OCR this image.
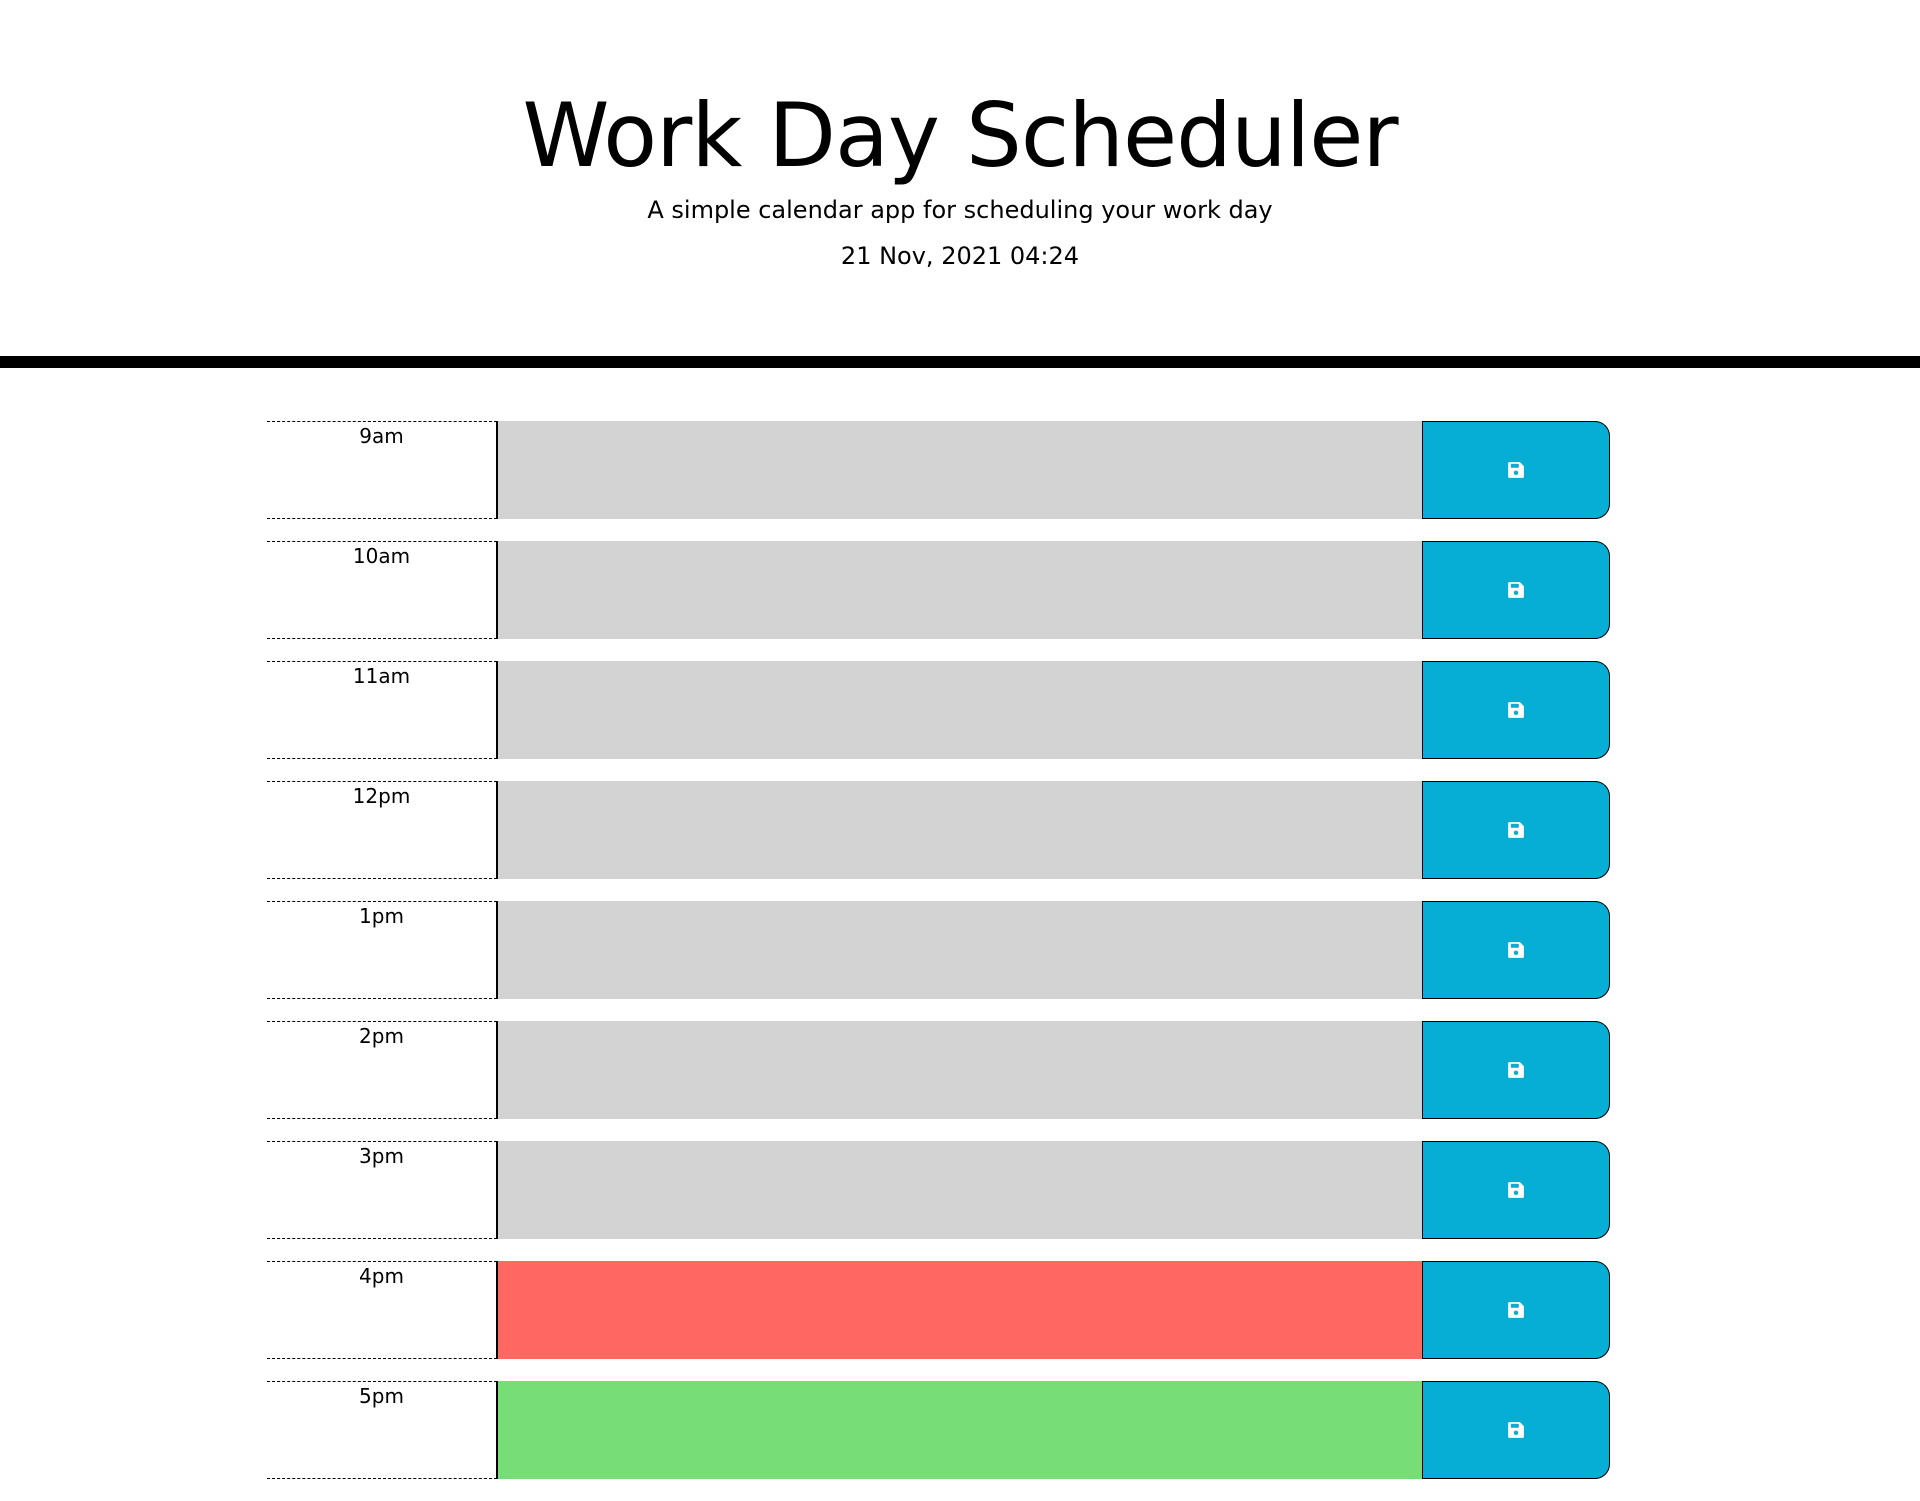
Work Day Scheduler

A simple calendar app for scheduling your work day

21 Nov, 2021 04:24

9am
10am
11am
12pm
1pm
2pm
3pm
4pm
5pm
